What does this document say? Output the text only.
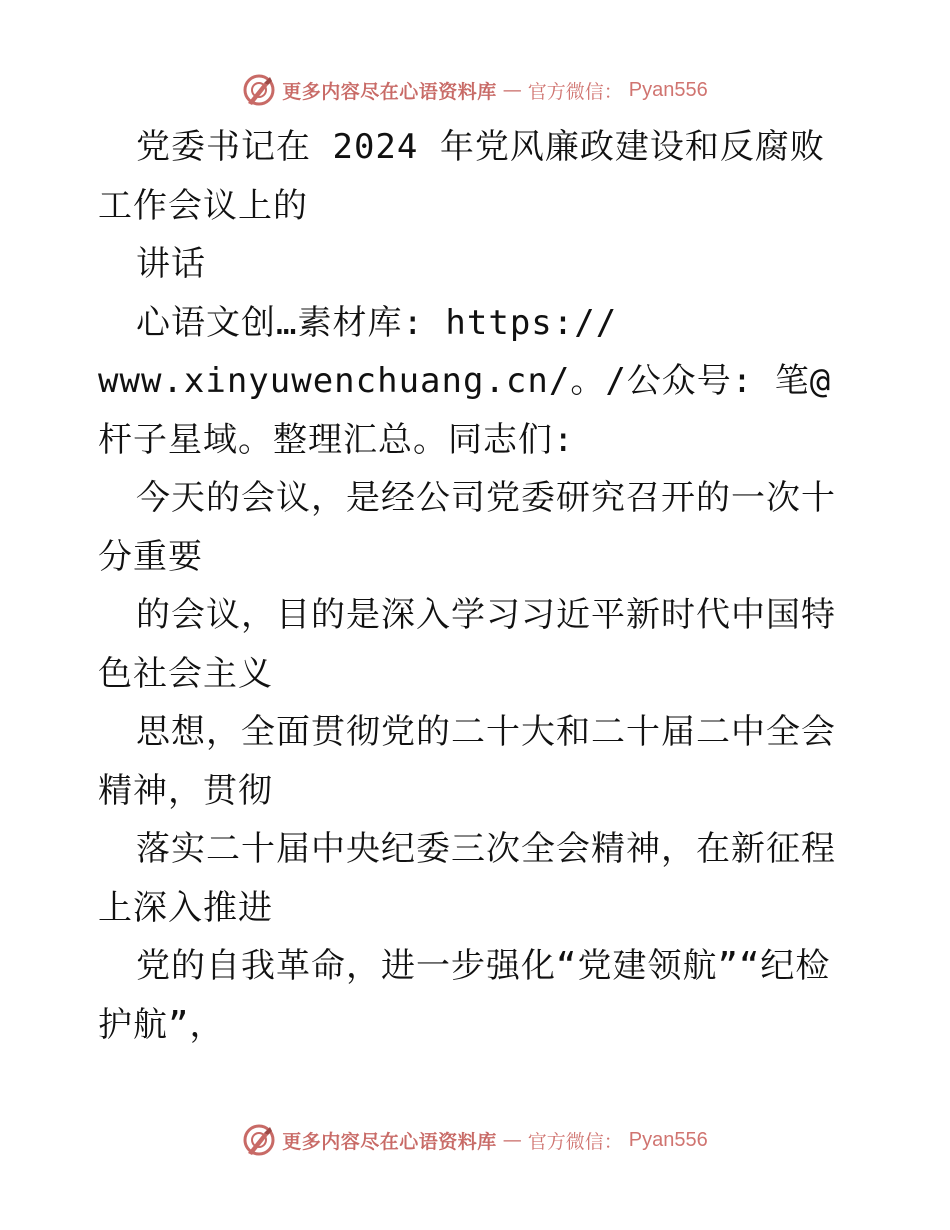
更多内容尽在心语资料库 — 官方微信： Pyan556

党委书记在 2024 年党风廉政建设和反腐败工作会议上的

讲话

心语文创…素材库: https://

www.xinyuwenchuang.cn/。/公众号: 笔@杆子星域。整理汇总。同志们:

今天的会议，是经公司党委研究召开的一次十分重要

的会议，目的是深入学习习近平新时代中国特色社会主义

思想，全面贯彻党的二十大和二十届二中全会精神，贯彻

落实二十届中央纪委三次全会精神，在新征程上深入推进

党的自我革命，进一步强化“党建领航”“纪检护航”，

更多内容尽在心语资料库 — 官方微信： Pyan556
